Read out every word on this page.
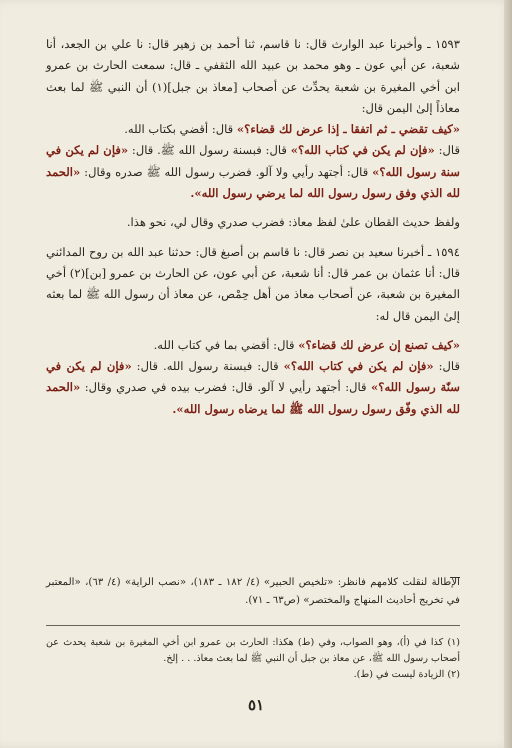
١٥٩٣ ـ وأخبرنا عبد الوارث قال: نا قاسم، ثنا أحمد بن زهير قال: نا علي بن الجعد، أنا شعبة، عن أبي عون ـ وهو محمد بن عبيد الله الثقفي ـ قال: سمعت الحارث بن عمرو ابن أخي المغيرة بن شعبة يحدِّث عن أصحاب [معاذ بن جبل](١) أن النبي ﷺ لما بعث معاذاً إلىٰ اليمن قال:

«كيف تقضي ـ ثم اتفقا ـ إذا عرض لك قضاء؟» قال: أقضي بكتاب الله.

قال: «فإن لم يكن في كتاب الله؟» قال: فبسنة رسول الله ﷺ. قال: «فإن لم يكن في سنة رسول الله؟» قال: أجتهد رأيي ولا آلو. فضرب رسول الله ﷺ صدره وقال: «الحمد لله الذي وفق رسول رسول الله لما يرضي رسول الله».

ولفظ حديث القطان علىٰ لفظ معاذ: فضرب صدري وقال لي، نحو هذا.

١٥٩٤ ـ أخبرنا سعيد بن نصر قال: نا قاسم بن أصبغ قال: حدثنا عبد الله بن روح المدائني قال: أنا عثمان بن عمر قال: أنا شعبة، عن أبي عون، عن الحارث بن عمرو [بن](٢) أخي المغيرة بن شعبة، عن أصحاب معاذ من أهل حِمْص، عن معاذ أن رسول الله ﷺ لما بعثه إلىٰ اليمن قال له:

«كيف تصنع إن عرض لك قضاء؟» قال: أقضي بما في كتاب الله.

قال: «فإن لم يكن في كتاب الله؟» قال: فبسنة رسول الله. قال: «فإن لم يكن في سنّة رسول الله؟» قال: أجتهد رأيي لا آلو. قال: فضرب بيده في صدري وقال: «الحمد لله الذي وفّق رسول رسول الله ﷺ لما يرضاه رسول الله».

الإطالة لنقلت كلامهم فانظر: «تلخيص الحبير» (٤/ ١٨٢ ـ ١٨٣)، «نصب الراية» (٤/ ٦٣)، «المعتبر في تخريج أحاديث المنهاج والمختصر» (ص٦٣ ـ ٧١).

(١) كذا في (أ)، وهو الصواب، وفي (ط) هكذا: الحارث بن عمرو ابن أخي المغيرة بن شعبة يحدث عن أصحاب رسول الله ﷺ، عن معاذ بن جبل أن النبي ﷺ لما بعث معاذ. . . إلخ.

(٢) الزيادة ليست في (ط).

٥١
